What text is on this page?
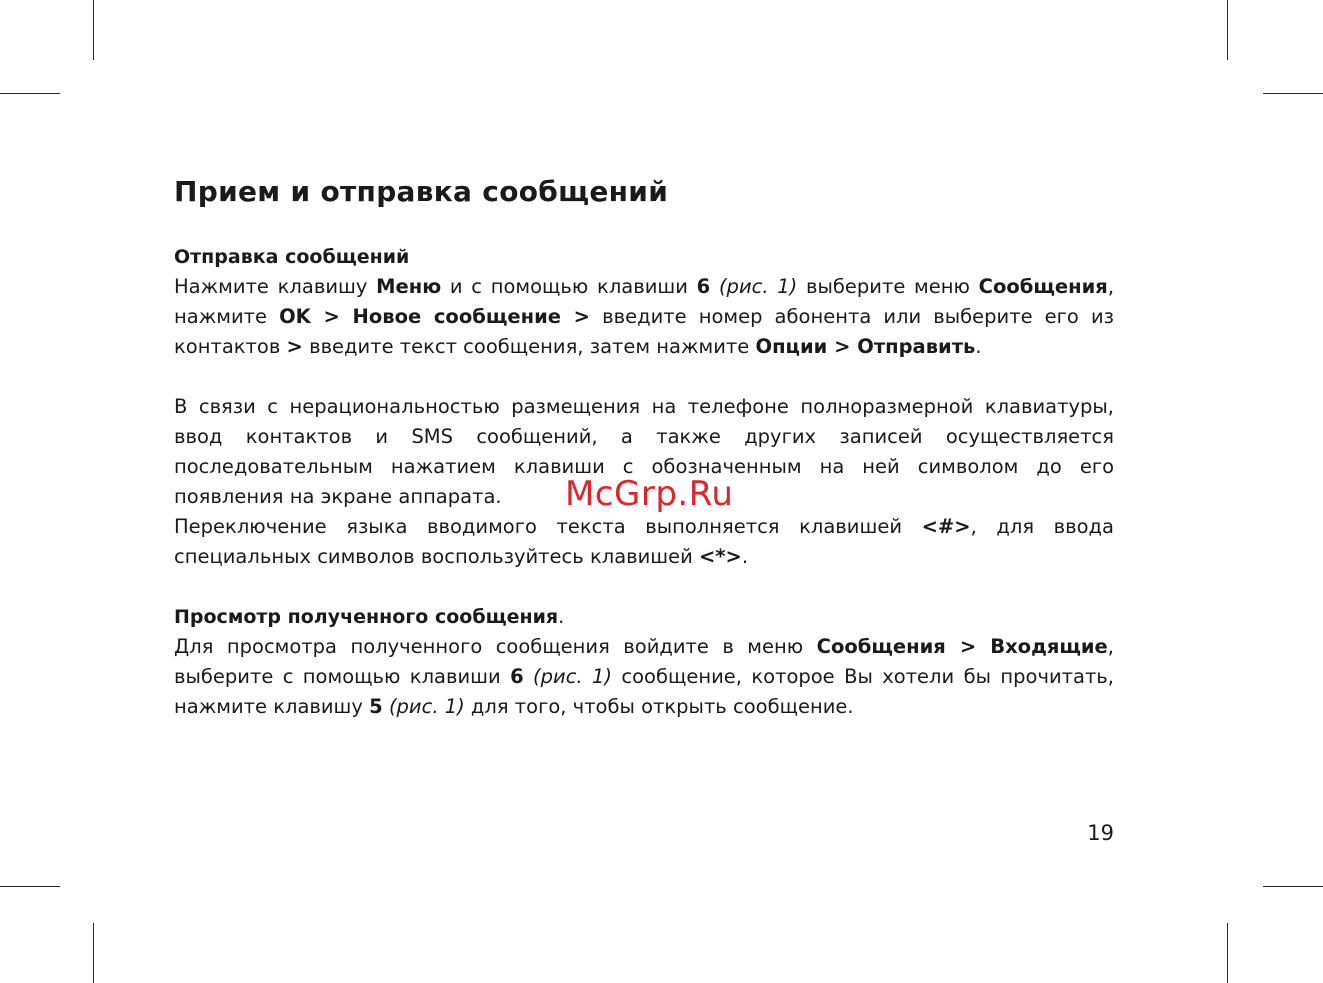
Прием и отправка сообщений
Отправка сообщений

Нажмите клавишу Меню и с помощью клавиши 6 (рис. 1) выберите меню Сообщения, нажмите OK > Новое сообщение > введите номер абонента или выберите его из контактов > введите текст сообщения, затем нажмите Опции > Отправить.

В связи с нерациональностью размещения на телефоне полноразмерной клавиатуры, ввод контактов и SMS сообщений, а также других записей осуществляется последовательным нажатием клавиши с обозначенным на ней символом до его появления на экране аппарата.

Переключение языка вводимого текста выполняется клавишей <#>, для ввода специальных символов воспользуйтесь клавишей <*>.

Просмотр полученного сообщения.

Для просмотра полученного сообщения войдите в меню Сообщения > Входящие, выберите с помощью клавиши 6 (рис. 1) сообщение, которое Вы хотели бы прочитать, нажмите клавишу 5 (рис. 1) для того, чтобы открыть сообщение.

McGrp.Ru
19
